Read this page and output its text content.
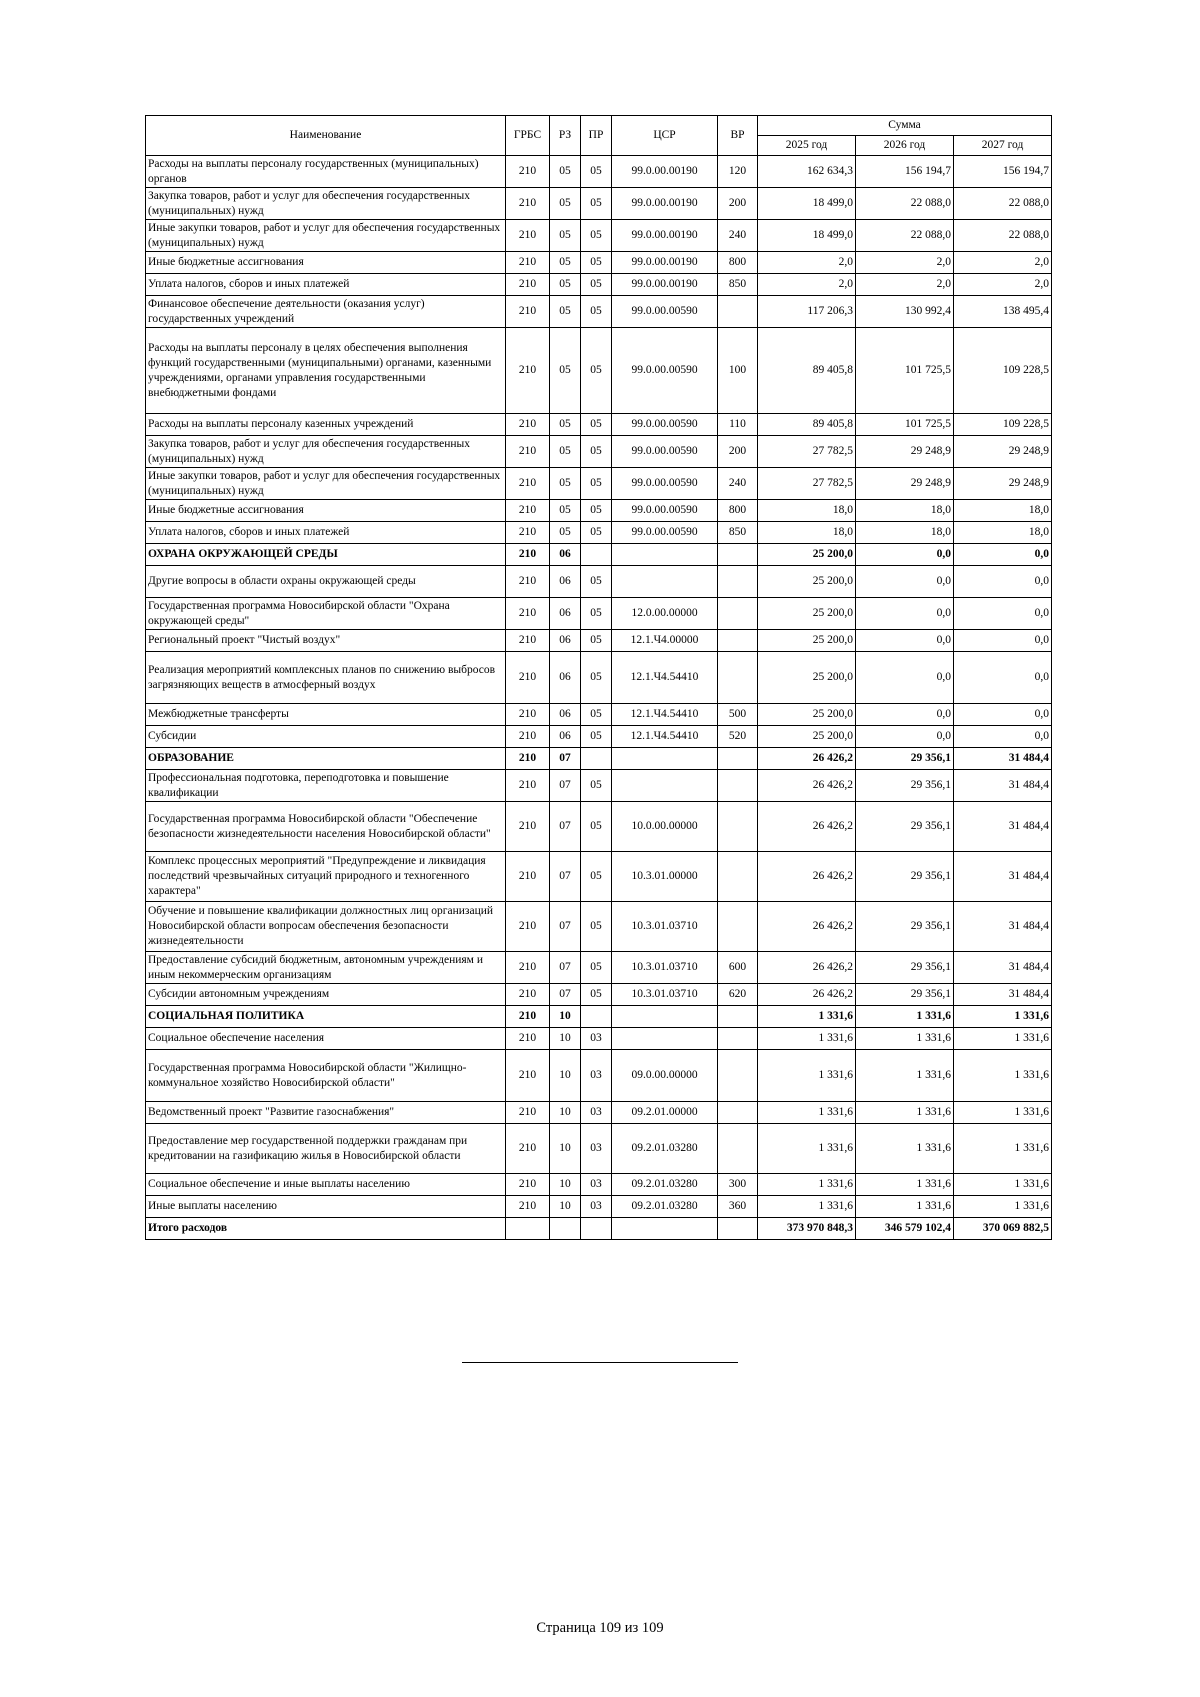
Наименование	ГРБС	РЗ	ПР	ЦСР	ВР	Сумма		
						2025 год	2026 год	2027 год
Расходы на выплаты персоналу государственных (муниципальных) органов	210	05	05	99.0.00.00190	120	162 634,3	156 194,7	156 194,7
Закупка товаров, работ и услуг для обеспечения государственных (муниципальных) нужд	210	05	05	99.0.00.00190	200	18 499,0	22 088,0	22 088,0
Иные закупки товаров, работ и услуг для обеспечения государственных (муниципальных) нужд	210	05	05	99.0.00.00190	240	18 499,0	22 088,0	22 088,0
Иные бюджетные ассигнования	210	05	05	99.0.00.00190	800	2,0	2,0	2,0
Уплата налогов, сборов и иных платежей	210	05	05	99.0.00.00190	850	2,0	2,0	2,0
Финансовое обеспечение деятельности (оказания услуг) государственных учреждений	210	05	05	99.0.00.00590		117 206,3	130 992,4	138 495,4
Расходы на выплаты персоналу в целях обеспечения выполнения функций государственными (муниципальными) органами, казенными учреждениями, органами управления государственными внебюджетными фондами	210	05	05	99.0.00.00590	100	89 405,8	101 725,5	109 228,5
Расходы на выплаты персоналу казенных учреждений	210	05	05	99.0.00.00590	110	89 405,8	101 725,5	109 228,5
Закупка товаров, работ и услуг для обеспечения государственных (муниципальных) нужд	210	05	05	99.0.00.00590	200	27 782,5	29 248,9	29 248,9
Иные закупки товаров, работ и услуг для обеспечения государственных (муниципальных) нужд	210	05	05	99.0.00.00590	240	27 782,5	29 248,9	29 248,9
Иные бюджетные ассигнования	210	05	05	99.0.00.00590	800	18,0	18,0	18,0
Уплата налогов, сборов и иных платежей	210	05	05	99.0.00.00590	850	18,0	18,0	18,0
ОХРАНА ОКРУЖАЮЩЕЙ СРЕДЫ	210	06				25 200,0	0,0	0,0
Другие вопросы в области охраны окружающей среды	210	06	05			25 200,0	0,0	0,0
Государственная программа Новосибирской области "Охрана окружающей среды"	210	06	05	12.0.00.00000		25 200,0	0,0	0,0
Региональный проект "Чистый воздух"	210	06	05	12.1.Ч4.00000		25 200,0	0,0	0,0
Реализация мероприятий комплексных планов по снижению выбросов загрязняющих веществ в атмосферный воздух	210	06	05	12.1.Ч4.54410		25 200,0	0,0	0,0
Межбюджетные трансферты	210	06	05	12.1.Ч4.54410	500	25 200,0	0,0	0,0
Субсидии	210	06	05	12.1.Ч4.54410	520	25 200,0	0,0	0,0
ОБРАЗОВАНИЕ	210	07				26 426,2	29 356,1	31 484,4
Профессиональная подготовка, переподготовка и повышение квалификации	210	07	05			26 426,2	29 356,1	31 484,4
Государственная программа Новосибирской области "Обеспечение безопасности жизнедеятельности населения Новосибирской области"	210	07	05	10.0.00.00000		26 426,2	29 356,1	31 484,4
Комплекс процессных мероприятий "Предупреждение и ликвидация последствий чрезвычайных ситуаций природного и техногенного характера"	210	07	05	10.3.01.00000		26 426,2	29 356,1	31 484,4
Обучение и повышение квалификации должностных лиц организаций Новосибирской области вопросам обеспечения безопасности жизнедеятельности	210	07	05	10.3.01.03710		26 426,2	29 356,1	31 484,4
Предоставление субсидий бюджетным, автономным учреждениям и иным некоммерческим организациям	210	07	05	10.3.01.03710	600	26 426,2	29 356,1	31 484,4
Субсидии автономным учреждениям	210	07	05	10.3.01.03710	620	26 426,2	29 356,1	31 484,4
СОЦИАЛЬНАЯ ПОЛИТИКА	210	10				1 331,6	1 331,6	1 331,6
Социальное обеспечение населения	210	10	03			1 331,6	1 331,6	1 331,6
Государственная программа Новосибирской области "Жилищно-коммунальное хозяйство Новосибирской области"	210	10	03	09.0.00.00000		1 331,6	1 331,6	1 331,6
Ведомственный проект "Развитие газоснабжения"	210	10	03	09.2.01.00000		1 331,6	1 331,6	1 331,6
Предоставление мер государственной поддержки гражданам при кредитовании на газификацию жилья в Новосибирской области	210	10	03	09.2.01.03280		1 331,6	1 331,6	1 331,6
Социальное обеспечение и иные выплаты населению	210	10	03	09.2.01.03280	300	1 331,6	1 331,6	1 331,6
Иные выплаты населению	210	10	03	09.2.01.03280	360	1 331,6	1 331,6	1 331,6
Итого расходов						373 970 848,3	346 579 102,4	370 069 882,5
Страница 109 из 109
